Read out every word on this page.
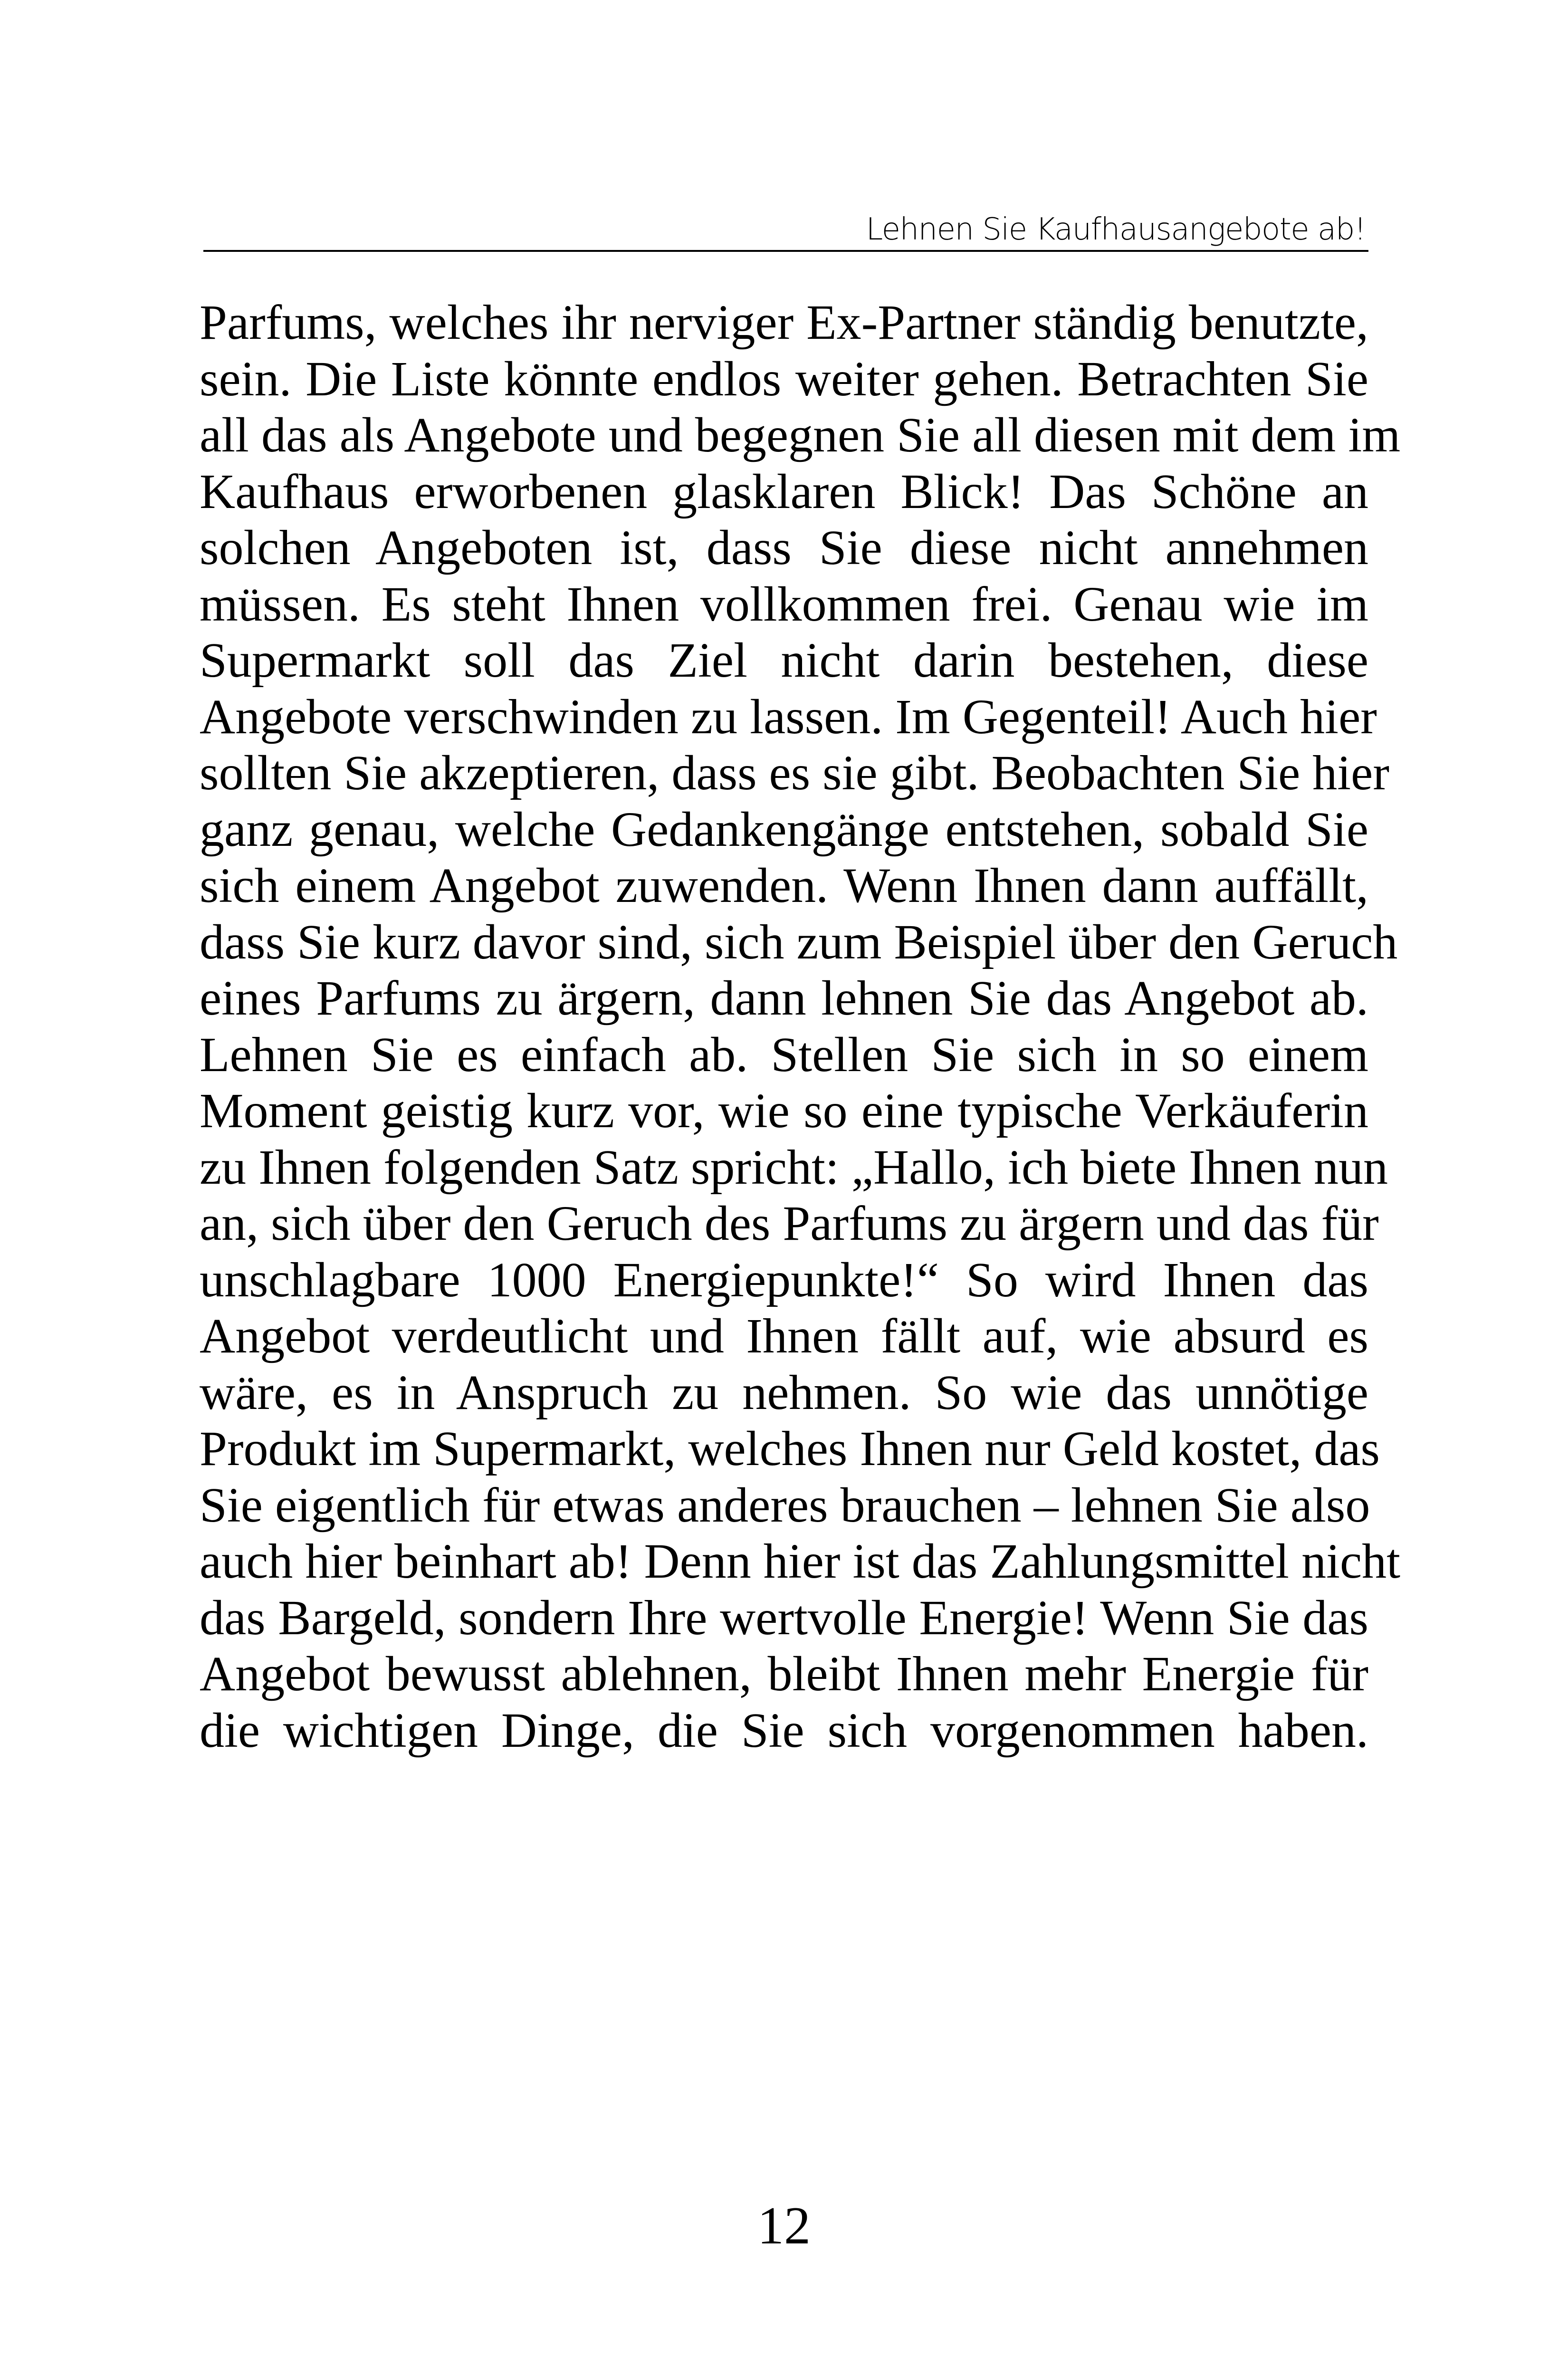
Lehnen Sie Kaufhausangebote ab!
Parfums, welches ihr nerviger Ex-Partner ständig benutzte,
sein. Die Liste könnte endlos weiter gehen. Betrachten Sie
all das als Angebote und begegnen Sie all diesen mit dem im
Kaufhaus erworbenen glasklaren Blick! Das Schöne an
solchen Angeboten ist, dass Sie diese nicht annehmen
müssen. Es steht Ihnen vollkommen frei. Genau wie im
Supermarkt soll das Ziel nicht darin bestehen, diese
Angebote verschwinden zu lassen. Im Gegenteil! Auch hier
sollten Sie akzeptieren, dass es sie gibt. Beobachten Sie hier
ganz genau, welche Gedankengänge entstehen, sobald Sie
sich einem Angebot zuwenden. Wenn Ihnen dann auffällt,
dass Sie kurz davor sind, sich zum Beispiel über den Geruch
eines Parfums zu ärgern, dann lehnen Sie das Angebot ab.
Lehnen Sie es einfach ab. Stellen Sie sich in so einem
Moment geistig kurz vor, wie so eine typische Verkäuferin
zu Ihnen folgenden Satz spricht: „Hallo, ich biete Ihnen nun
an, sich über den Geruch des Parfums zu ärgern und das für
unschlagbare 1000 Energiepunkte!“ So wird Ihnen das
Angebot verdeutlicht und Ihnen fällt auf, wie absurd es
wäre, es in Anspruch zu nehmen. So wie das unnötige
Produkt im Supermarkt, welches Ihnen nur Geld kostet, das
Sie eigentlich für etwas anderes brauchen – lehnen Sie also
auch hier beinhart ab! Denn hier ist das Zahlungsmittel nicht
das Bargeld, sondern Ihre wertvolle Energie! Wenn Sie das
Angebot bewusst ablehnen, bleibt Ihnen mehr Energie für
die wichtigen Dinge, die Sie sich vorgenommen haben.
12
